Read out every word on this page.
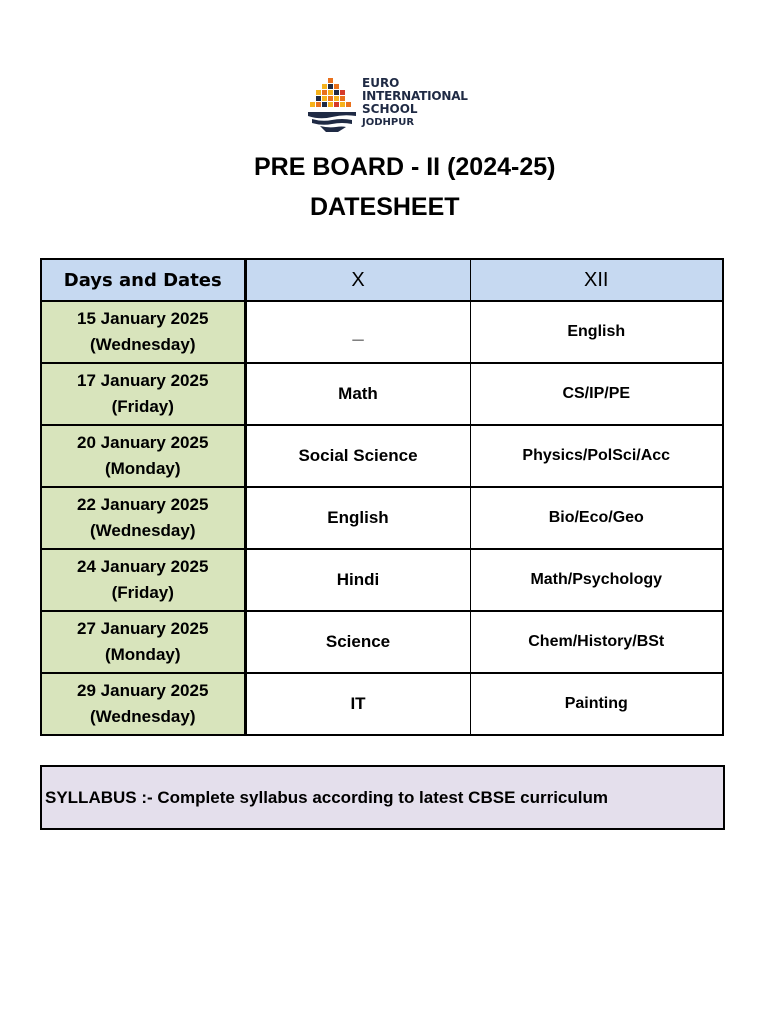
EURO
INTERNATIONAL
SCHOOL
JODHPUR
PRE BOARD - II (2024-25)
DATESHEET
Days and Dates	X	XII

15 January 2025
(Wednesday)	_	English

17 January 2025
(Friday)	Math	CS/IP/PE

20 January 2025
(Monday)	Social Science	Physics/PolSci/Acc

22 January 2025
(Wednesday)	English	Bio/Eco/Geo

24 January 2025
(Friday)	Hindi	Math/Psychology

27 January 2025
(Monday)	Science	Chem/History/BSt

29 January 2025
(Wednesday)	IT	Painting
SYLLABUS :- Complete syllabus according to latest CBSE curriculum
